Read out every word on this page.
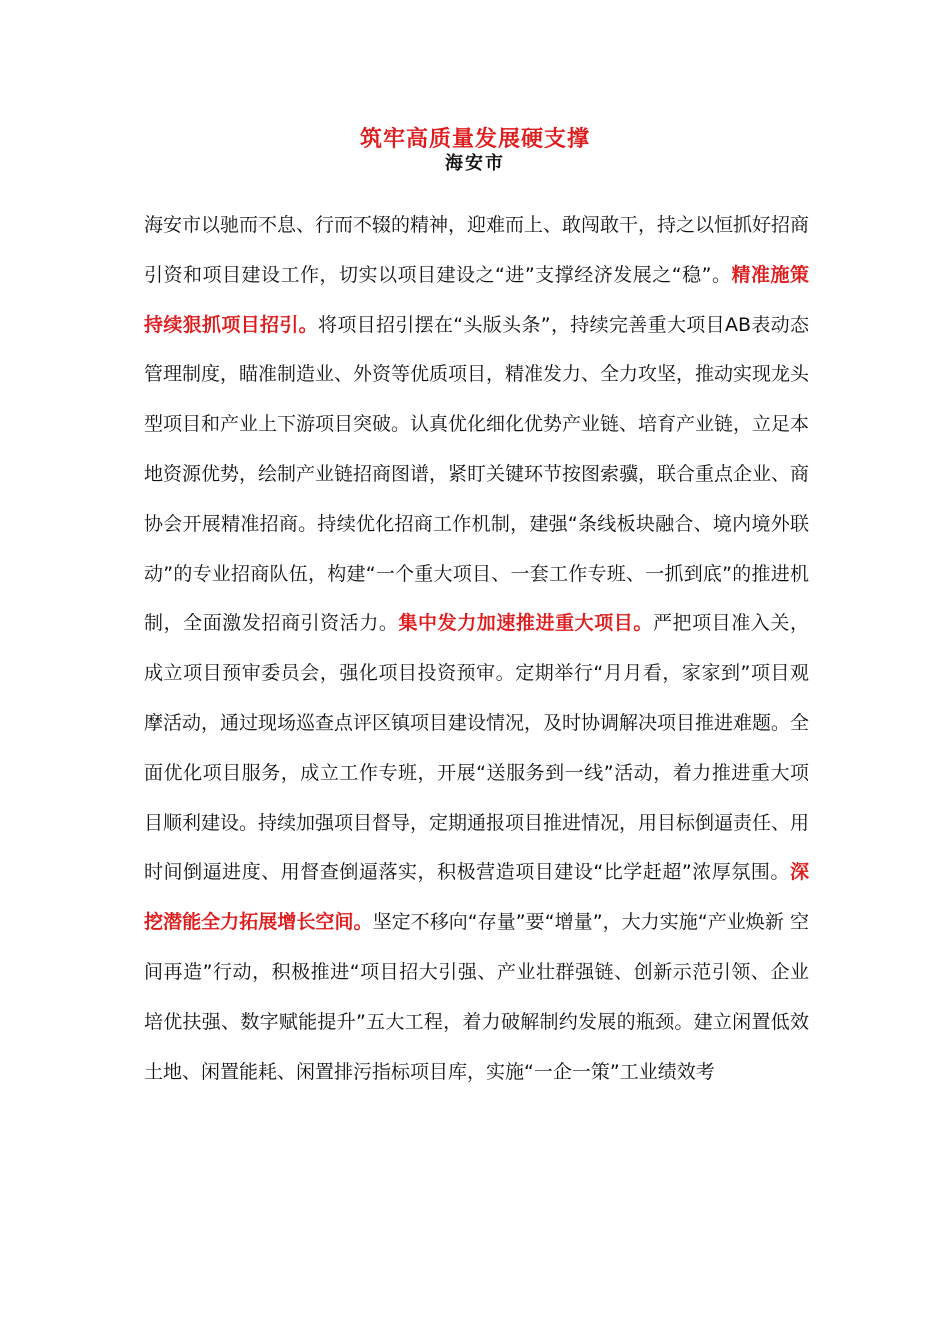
筑牢高质量发展硬支撑
海安市

海安市以驰而不息、行而不辍的精神，迎难而上、敢闯敢干，持之以恒抓好招商引资和项目建设工作，切实以项目建设之“进”支撑经济发展之“稳”。精准施策持续狠抓项目招引。将项目招引摆在“头版头条”，持续完善重大项目AB表动态管理制度，瞄准制造业、外资等优质项目，精准发力、全力攻坚，推动实现龙头型项目和产业上下游项目突破。认真优化细化优势产业链、培育产业链，立足本地资源优势，绘制产业链招商图谱，紧盯关键环节按图索骥，联合重点企业、商协会开展精准招商。持续优化招商工作机制，建强“条线板块融合、境内境外联动”的专业招商队伍，构建“一个重大项目、一套工作专班、一抓到底”的推进机制，全面激发招商引资活力。集中发力加速推进重大项目。严把项目准入关，成立项目预审委员会，强化项目投资预审。定期举行“月月看，家家到”项目观摩活动，通过现场巡查点评区镇项目建设情况，及时协调解决项目推进难题。全面优化项目服务，成立工作专班，开展“送服务到一线”活动，着力推进重大项目顺利建设。持续加强项目督导，定期通报项目推进情况，用目标倒逼责任、用时间倒逼进度、用督查倒逼落实，积极营造项目建设“比学赶超”浓厚氛围。深挖潜能全力拓展增长空间。坚定不移向“存量”要“增量”，大力实施“产业焕新 空间再造”行动，积极推进“项目招大引强、产业壮群强链、创新示范引领、企业培优扶强、数字赋能提升”五大工程，着力破解制约发展的瓶颈。建立闲置低效土地、闲置能耗、闲置排污指标项目库，实施“一企一策”工业绩效考
